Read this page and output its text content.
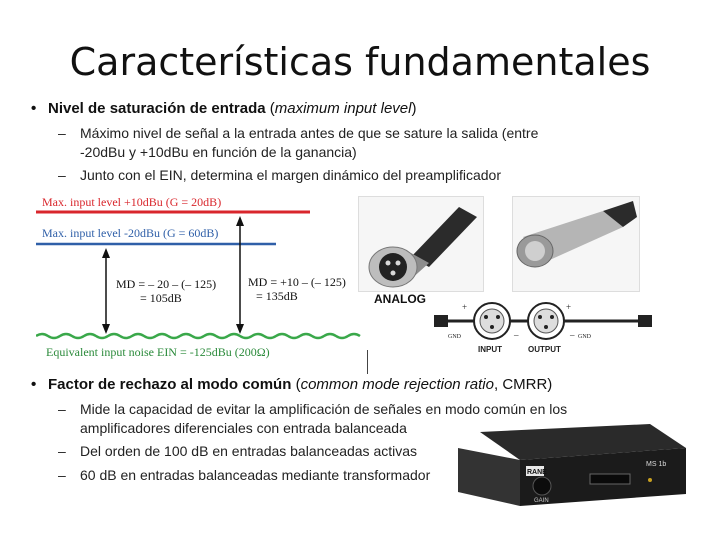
Características fundamentales
• Nivel de saturación de entrada (maximum input level)
– Máximo nivel de señal a la entrada antes de que se sature la salida (entre
-20dBu y +10dBu en función de la ganancia)
– Junto con el EIN, determina el margen dinámico del preamplificador
Max. input level +10dBu (G = 20dB)
Max. input level -20dBu (G = 60dB)
MD = – 20 – (– 125)
= 105dB
MD = +10 – (– 125)
= 135dB
Equivalent input noise EIN = -125dBu (200Ω)
ANALOG
+
GND	–
+
– GND
INPUT	OUTPUT
• Factor de rechazo al modo común (common mode rejection ratio, CMRR)
– Mide la capacidad de evitar la amplificación de señales en modo común en los
amplificadores diferenciales con entrada balanceada
– Del orden de 100 dB en entradas balanceadas activas
– 60 dB en entradas balanceadas mediante transformador	RANE
GAIN
MS 1b
